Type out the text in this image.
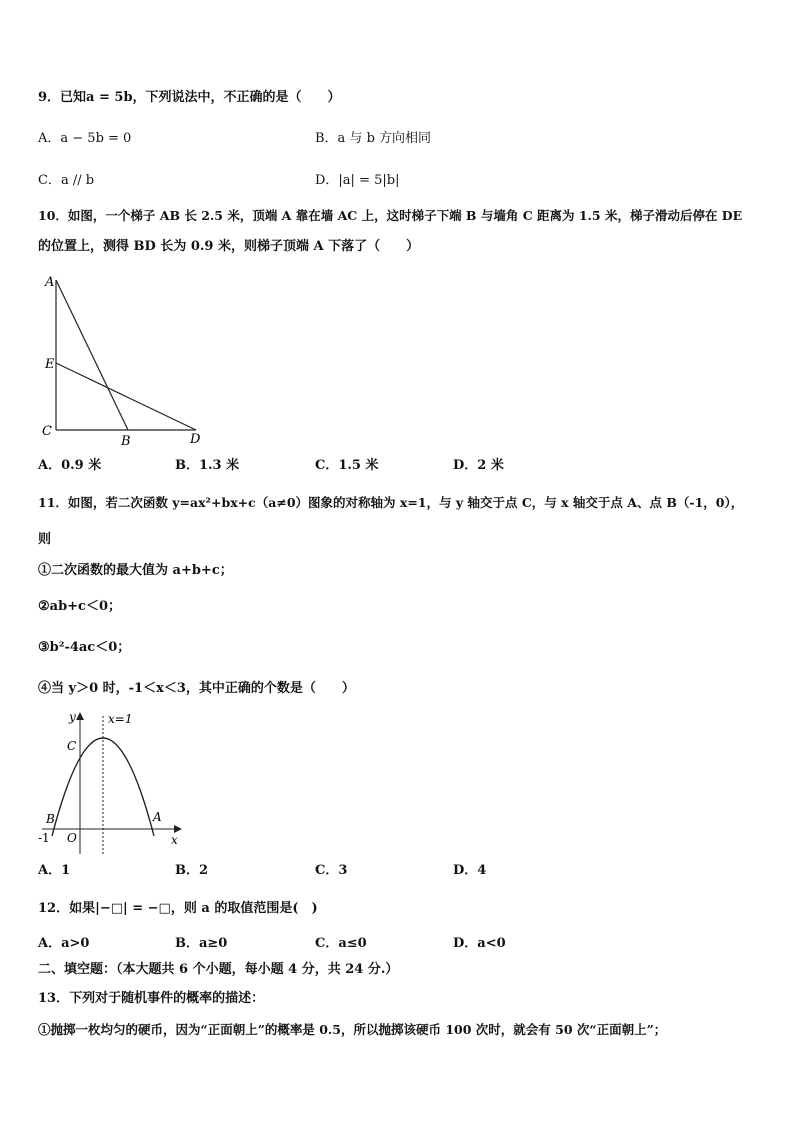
9．已知a = 5b，下列说法中，不正确的是（　　）
A．a − 5b = 0	B．a 与 b 方向相同
C．a // b	D．|a| = 5|b|
10．如图，一个梯子 AB 长 2.5 米，顶端 A 靠在墙 AC 上，这时梯子下端 B 与墙角 C 距离为 1.5 米，梯子滑动后停在 DE
的位置上，测得 BD 长为 0.9 米，则梯子顶端 A 下落了（　　）
A
E
C
B	D
A．0.9 米	B．1.3 米	C．1.5 米	D．2 米
11．如图，若二次函数 y=ax²+bx+c（a≠0）图象的对称轴为 x=1，与 y 轴交于点 C，与 x 轴交于点 A、点 B（-1，0），
则
①二次函数的最大值为 a+b+c；
②ab+c＜0；
③b²-4ac＜0；
④当 y＞0 时，-1＜x＜3，其中正确的个数是（　　）
y	x=1
C
B	A
O
-1	x
A．1	B．2	C．3	D．4
12．如果|−□| = −□，则 a 的取值范围是(　)
A．a>0	B．a≥0	C．a≤0	D．a<0
二、填空题：（本大题共 6 个小题，每小题 4 分，共 24 分.）
13．下列对于随机事件的概率的描述：
①抛掷一枚均匀的硬币，因为“正面朝上”的概率是 0.5，所以抛掷该硬币 100 次时，就会有 50 次“正面朝上”；
